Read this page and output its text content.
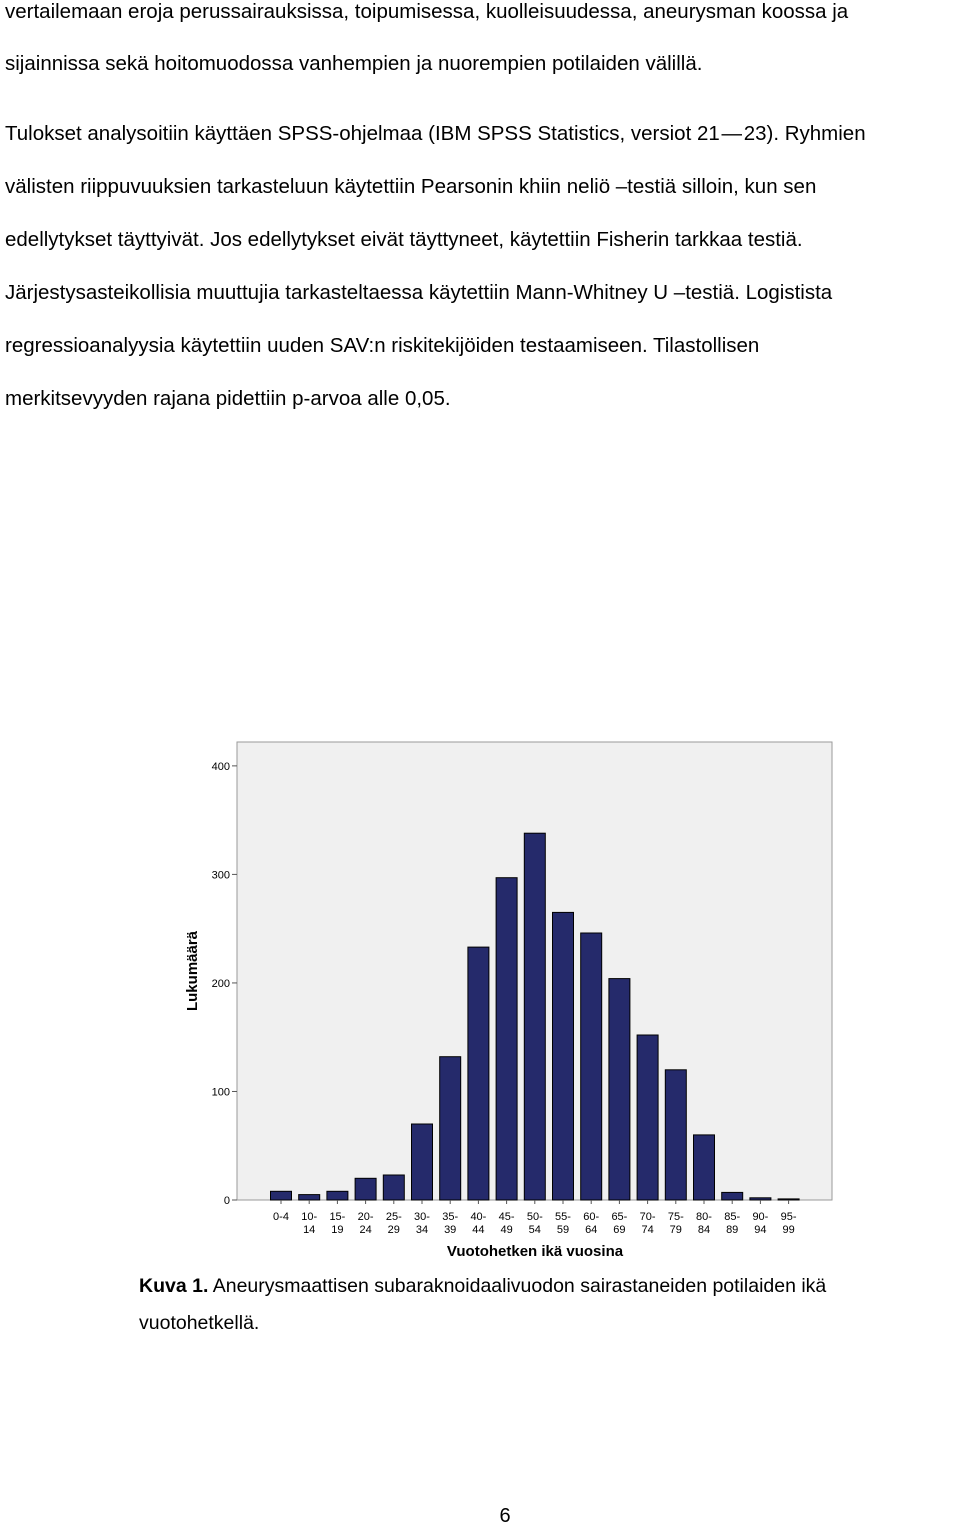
vertailemaan eroja perussairauksissa, toipumisessa, kuolleisuudessa, aneurysman koossa ja
sijainnissa sekä hoitomuodossa vanhempien ja nuorempien potilaiden välillä.
Tulokset analysoitiin käyttäen SPSS-ohjelmaa (IBM SPSS Statistics, versiot 21 — 23). Ryhmien
välisten riippuvuuksien tarkasteluun käytettiin Pearsonin khiin neliö –testiä silloin, kun sen
edellytykset täyttyivät. Jos edellytykset eivät täyttyneet, käytettiin Fisherin tarkkaa testiä.
Järjestysasteikollisia muuttujia tarkasteltaessa käytettiin Mann-Whitney U –testiä. Logistista
regressioanalyysia käytettiin uuden SAV:n riskitekijöiden testaamiseen. Tilastollisen
merkitsevyyden rajana pidettiin p-arvoa alle 0,05.
0
100
200
300
400
0-4 10-
14
15-
19
20-
24
25-
29
30-
34
35-
39
40-
44
45-
49
50-
54
55-
59
60-
64
65-
69
70-
74
75-
79
80-
84
85-
89
90-
94
95-
99
Lukumäärä
Vuotohetken ikä vuosina
Kuva 1. Aneurysmaattisen subaraknoidaalivuodon sairastaneiden potilaiden ikä
vuotohetkellä.
6
